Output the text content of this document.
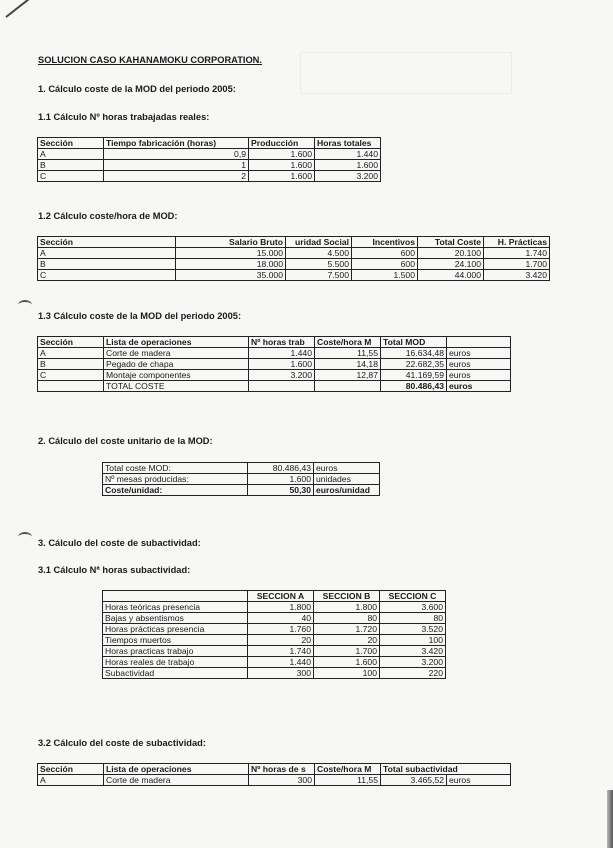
SOLUCION CASO KAHANAMOKU CORPORATION.
1. Cálculo coste de la MOD del periodo 2005:
1.1 Cálculo Nº horas trabajadas reales:
Sección	Tiempo fabricación (horas)	Producción	Horas totales
A	0,9	1.600	1.440
B	1	1.600	1.600
C	2	1.600	3.200
1.2 Cálculo coste/hora de MOD:
Sección	Salario Bruto	uridad Social	Incentivos	Total Coste	H. Prácticas
A	15.000	4.500	600	20.100	1.740
B	18.000	5.500	600	24.100	1.700
C	35.000	7.500	1.500	44.000	3.420
1.3 Cálculo coste de la MOD del periodo 2005:
Sección	Lista de operaciones	Nº horas trab	Coste/hora M	Total MOD	
A	Corte de madera	1.440	11,55	16.634,48	euros
B	Pegado de chapa	1.600	14,18	22.682,35	euros
C	Montaje componentes	3.200	12,87	41.169,59	euros
	TOTAL COSTE			80.486,43	euros
2. Cálculo del coste unitario de la MOD:
Total coste MOD:	80.486,43	euros
Nº mesas producidas:	1.600	unidades
Coste/unidad:	50,30	euros/unidad
3. Cálculo del coste de subactividad:
3.1 Cálculo Nª horas subactividad:
	SECCION A	SECCION B	SECCION C
Horas teóricas presencia	1.800	1.800	3.600
Bajas y absentismos	40	80	80
Horas prácticas presencia	1.760	1.720	3.520
Tiempos muertos	20	20	100
Horas practicas trabajo	1.740	1.700	3.420
Horas reales de trabajo	1.440	1.600	3.200
Subactividad	300	100	220
3.2 Cálculo del coste de subactividad:
Sección	Lista de operaciones	Nº horas de s	Coste/hora M	Total subactividad	
A	Corte de madera	300	11,55	3.465,52	euros
